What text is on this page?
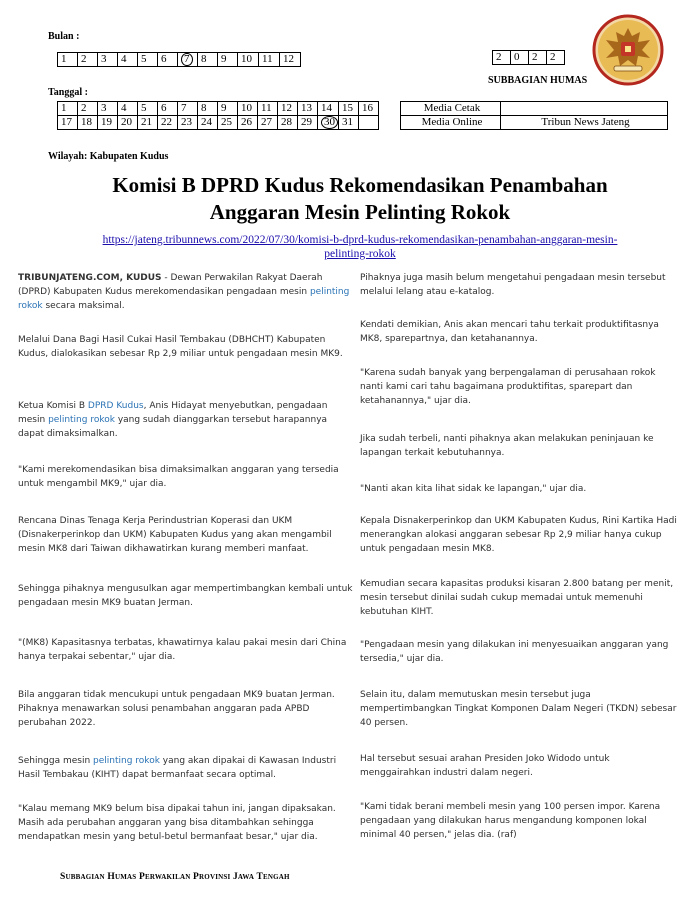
Bulan :
1	2	3	4	5	6	7	8	9	10	11	12	2	0	2	2
SUBBAGIAN HUMAS
Tanggal :
1	2	3	4	5	6	7	8	9	10	11	12	13	14	15	16
17	18	19	20	21	22	23	24	25	26	27	28	29	30	31	
Media Cetak	
Media Online	Tribun News Jateng
Wilayah: Kabupaten Kudus
Komisi B DPRD Kudus Rekomendasikan Penambahan
Anggaran Mesin Pelinting Rokok
https://jateng.tribunnews.com/2022/07/30/komisi-b-dprd-kudus-rekomendasikan-penambahan-anggaran-mesin-
pelinting-rokok

TRIBUNJATENG.COM, KUDUS - Dewan Perwakilan Rakyat Daerah (DPRD) Kabupaten Kudus merekomendasikan pengadaan mesin pelinting rokok secara maksimal.

Melalui Dana Bagi Hasil Cukai Hasil Tembakau (DBHCHT) Kabupaten Kudus, dialokasikan sebesar Rp 2,9 miliar untuk pengadaan mesin MK9.

Ketua Komisi B DPRD Kudus, Anis Hidayat menyebutkan, pengadaan mesin pelinting rokok yang sudah dianggarkan tersebut harapannya dapat dimaksimalkan.

"Kami merekomendasikan bisa dimaksimalkan anggaran yang tersedia untuk mengambil MK9," ujar dia.

Rencana Dinas Tenaga Kerja Perindustrian Koperasi dan UKM (Disnakerperinkop dan UKM) Kabupaten Kudus yang akan mengambil mesin MK8 dari Taiwan dikhawatirkan kurang memberi manfaat.

Sehingga pihaknya mengusulkan agar mempertimbangkan kembali untuk pengadaan mesin MK9 buatan Jerman.

"(MK8) Kapasitasnya terbatas, khawatirnya kalau pakai mesin dari China hanya terpakai sebentar," ujar dia.

Bila anggaran tidak mencukupi untuk pengadaan MK9 buatan Jerman. Pihaknya menawarkan solusi penambahan anggaran pada APBD perubahan 2022.

Sehingga mesin pelinting rokok yang akan dipakai di Kawasan Industri Hasil Tembakau (KIHT) dapat bermanfaat secara optimal.

"Kalau memang MK9 belum bisa dipakai tahun ini, jangan dipaksakan. Masih ada perubahan anggaran yang bisa ditambahkan sehingga mendapatkan mesin yang betul-betul bermanfaat besar," ujar dia.

Pihaknya juga masih belum mengetahui pengadaan mesin tersebut melalui lelang atau e-katalog.

Kendati demikian, Anis akan mencari tahu terkait produktifitasnya MK8, sparepartnya, dan ketahanannya.

"Karena sudah banyak yang berpengalaman di perusahaan rokok nanti kami cari tahu bagaimana produktifitas, sparepart dan ketahanannya," ujar dia.

Jika sudah terbeli, nanti pihaknya akan melakukan peninjauan ke lapangan terkait kebutuhannya.

"Nanti akan kita lihat sidak ke lapangan," ujar dia.

Kepala Disnakerperinkop dan UKM Kabupaten Kudus, Rini Kartika Hadi menerangkan alokasi anggaran sebesar Rp 2,9 miliar hanya cukup untuk pengadaan mesin MK8.

Kemudian secara kapasitas produksi kisaran 2.800 batang per menit, mesin tersebut dinilai sudah cukup memadai untuk memenuhi kebutuhan KIHT.

"Pengadaan mesin yang dilakukan ini menyesuaikan anggaran yang tersedia," ujar dia.

Selain itu, dalam memutuskan mesin tersebut juga mempertimbangkan Tingkat Komponen Dalam Negeri (TKDN) sebesar 40 persen.

Hal tersebut sesuai arahan Presiden Joko Widodo untuk menggairahkan industri dalam negeri.

"Kami tidak berani membeli mesin yang 100 persen impor. Karena pengadaan yang dilakukan harus mengandung komponen lokal minimal 40 persen," jelas dia. (raf)

Subbagian Humas Perwakilan Provinsi Jawa Tengah
